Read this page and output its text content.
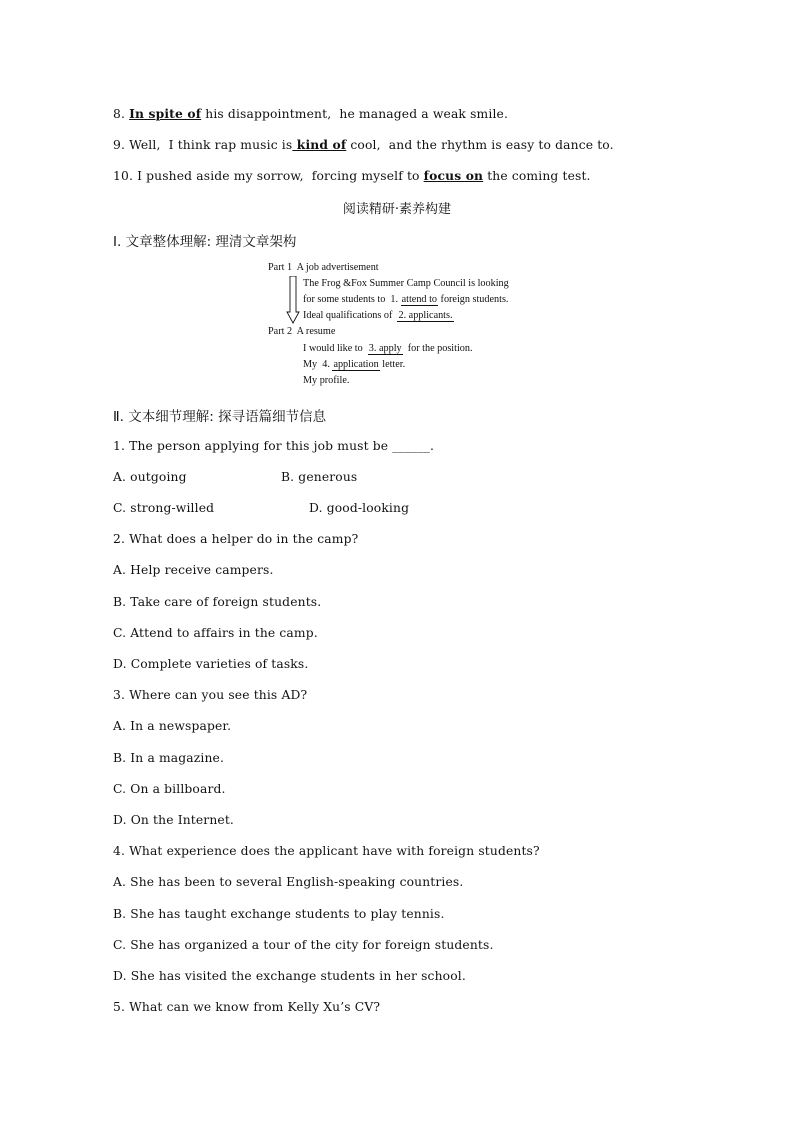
8. In spite of his disappointment,  he managed a weak smile.
9. Well,  I think rap music is kind of cool,  and the rhythm is easy to dance to.
10. I pushed aside my sorrow,  forcing myself to focus on the coming test.
阅读精研·素养构建
Ⅰ. 文章整体理解: 理清文章架构
Part 1  A job advertisement
The Frog &Fox Summer Camp Council is looking
for some students to  1. attend to foreign students.
Ideal qualifications of  2. applicants.
Part 2  A resume
I would like to  3. apply  for the position.
My  4. application letter.
My profile.
Ⅱ. 文本细节理解: 探寻语篇细节信息
1. The person applying for this job must be ______.
A. outgoing	B. generous
C. strong-willed	D. good-looking
2. What does a helper do in the camp?
A. Help receive campers.
B. Take care of foreign students.
C. Attend to affairs in the camp.
D. Complete varieties of tasks.
3. Where can you see this AD?
A. In a newspaper.
B. In a magazine.
C. On a billboard.
D. On the Internet.
4. What experience does the applicant have with foreign students?
A. She has been to several English-speaking countries.
B. She has taught exchange students to play tennis.
C. She has organized a tour of the city for foreign students.
D. She has visited the exchange students in her school.
5. What can we know from Kelly Xu’s CV?
